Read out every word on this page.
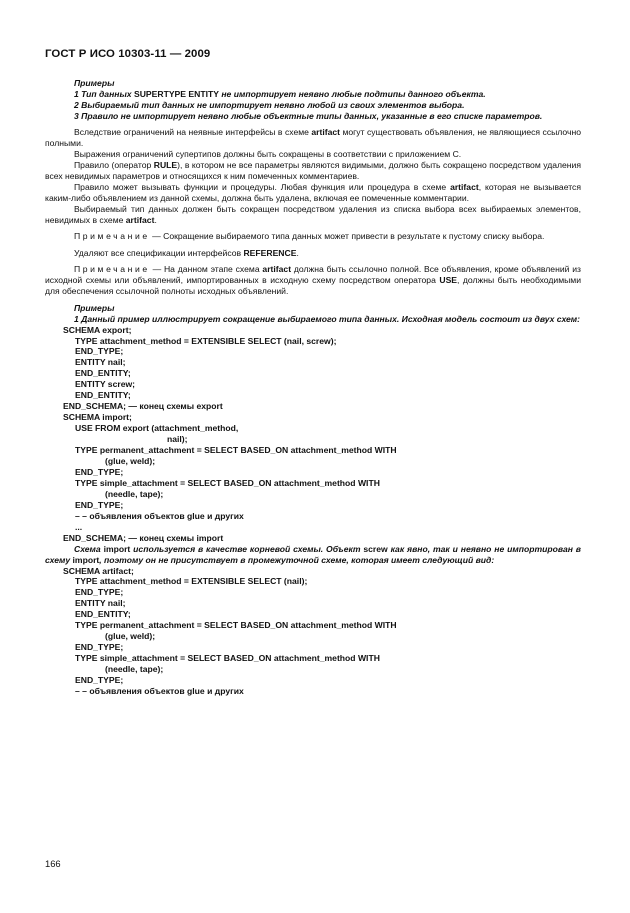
ГОСТ Р ИСО 10303-11 — 2009

Примеры

1 Тип данных SUPERTYPE ENTITY не импортирует неявно любые подтипы данного объекта.

2 Выбираемый тип данных не импортирует неявно любой из своих элементов выбора.

3 Правило не импортирует неявно любые объектные типы данных, указанные в его списке параметров.

Вследствие ограничений на неявные интерфейсы в схеме artifact могут существовать объявления, не являющиеся ссылочно полными.

Выражения ограничений супертипов должны быть сокращены в соответствии с приложением С.

Правило (оператор RULE), в котором не все параметры являются видимыми, должно быть сокращено посредством удаления всех невидимых параметров и относящихся к ним помеченных комментариев.

Правило может вызывать функции и процедуры. Любая функция или процедура в схеме artifact, которая не вызывается каким-либо объявлением из данной схемы, должна быть удалена, включая ее помеченные комментарии.

Выбираемый тип данных должен быть сокращен посредством удаления из списка выбора всех выбираемых элементов, невидимых в схеме artifact.

Примечание — Сокращение выбираемого типа данных может привести в результате к пустому списку выбора.

Удаляют все спецификации интерфейсов REFERENCE.

Примечание — На данном этапе схема artifact должна быть ссылочно полной. Все объявления, кроме объявлений из исходной схемы или объявлений, импортированных в исходную схему посредством оператора USE, должны быть необходимыми для обеспечения ссылочной полноты исходных объявлений.

Примеры

1 Данный пример иллюстрирует сокращение выбираемого типа данных. Исходная модель состоит из двух схем:

SCHEMA export;

TYPE attachment_method = EXTENSIBLE SELECT (nail, screw);

END_TYPE;

ENTITY nail;

END_ENTITY;

ENTITY screw;

END_ENTITY;

END_SCHEMA; — конец схемы export

SCHEMA import;

USE FROM export (attachment_method,

nail);

TYPE permanent_attachment = SELECT BASED_ON attachment_method WITH

(glue, weld);

END_TYPE;

TYPE simple_attachment = SELECT BASED_ON attachment_method WITH

(needle, tape);

END_TYPE;

– – объявления объектов glue и других

...

END_SCHEMA; — конец схемы import

Схема import используется в качестве корневой схемы. Объект screw как явно, так и неявно не импортирован в схему import, поэтому он не присутствует в промежуточной схеме, которая имеет следующий вид:

SCHEMA artifact;

TYPE attachment_method = EXTENSIBLE SELECT (nail);

END_TYPE;

ENTITY nail;

END_ENTITY;

TYPE permanent_attachment = SELECT BASED_ON attachment_method WITH

(glue, weld);

END_TYPE;

TYPE simple_attachment = SELECT BASED_ON attachment_method WITH

(needle, tape);

END_TYPE;

– – объявления объектов glue и других

166
